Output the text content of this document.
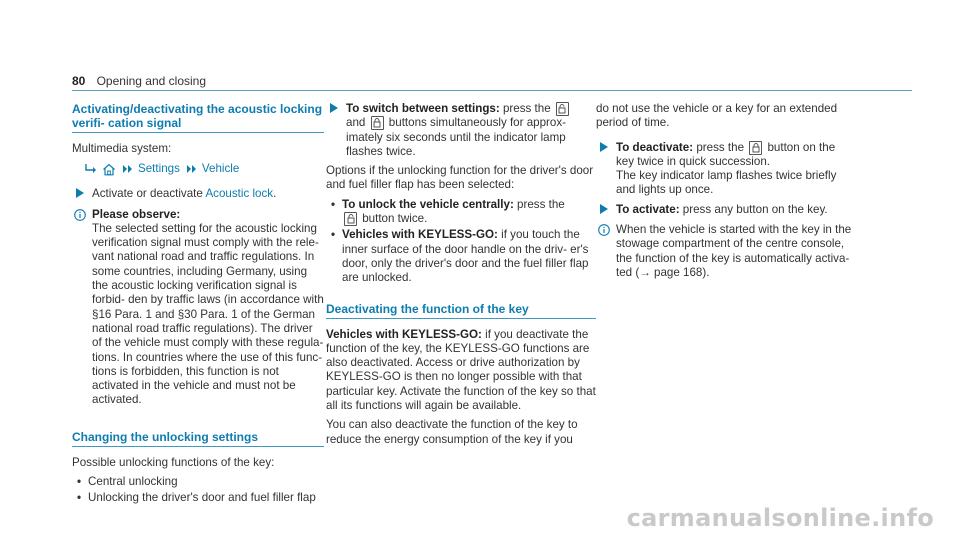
80 Opening and closing
Activating/deactivating the acoustic locking verifi- cation signal

Multimedia system:

Settings Vehicle
Activate or deactivate Acoustic lock.
Please observe:
The selected setting for the acoustic locking verification signal must comply with the rele- vant national road and traffic regulations. In some countries, including Germany, using the acoustic locking verification signal is forbid- den by traffic laws (in accordance with §16 Para. 1 and §30 Para. 1 of the German national road traffic regulations). The driver of the vehicle must comply with these regula- tions. In countries where the use of this func- tions is forbidden, this function is not activated in the vehicle and must not be activated.
Changing the unlocking settings

Possible unlocking functions of the key:

• Central unlocking
• Unlocking the driver's door and fuel filler flap
To switch between settings: press the

and
buttons simultaneously for approx- imately six seconds until the indicator lamp flashes twice.

Options if the unlocking function for the driver's door and fuel filler flap has been selected:

• To unlock the vehicle centrally: press the

button twice.
• Vehicles with KEYLESS-GO: if you touch the inner surface of the door handle on the driv- er's door, only the driver's door and the fuel filler flap are unlocked.
Deactivating the function of the key

Vehicles with KEYLESS-GO: if you deactivate the function of the key, the KEYLESS-GO functions are also deactivated. Access or drive authorization by KEYLESS-GO is then no longer possible with that particular key. Activate the function of the key so that all its functions will again be available.

You can also deactivate the function of the key to reduce the energy consumption of the key if you

do not use the vehicle or a key for an extended period of time.

To deactivate: press the
button on the key twice in quick succession.
The key indicator lamp flashes twice briefly and lights up once.
To activate: press any button on the key.
When the vehicle is started with the key in the stowage compartment of the centre console, the function of the key is automatically activa- ted (→ page 168).
carmanualsonline.info
